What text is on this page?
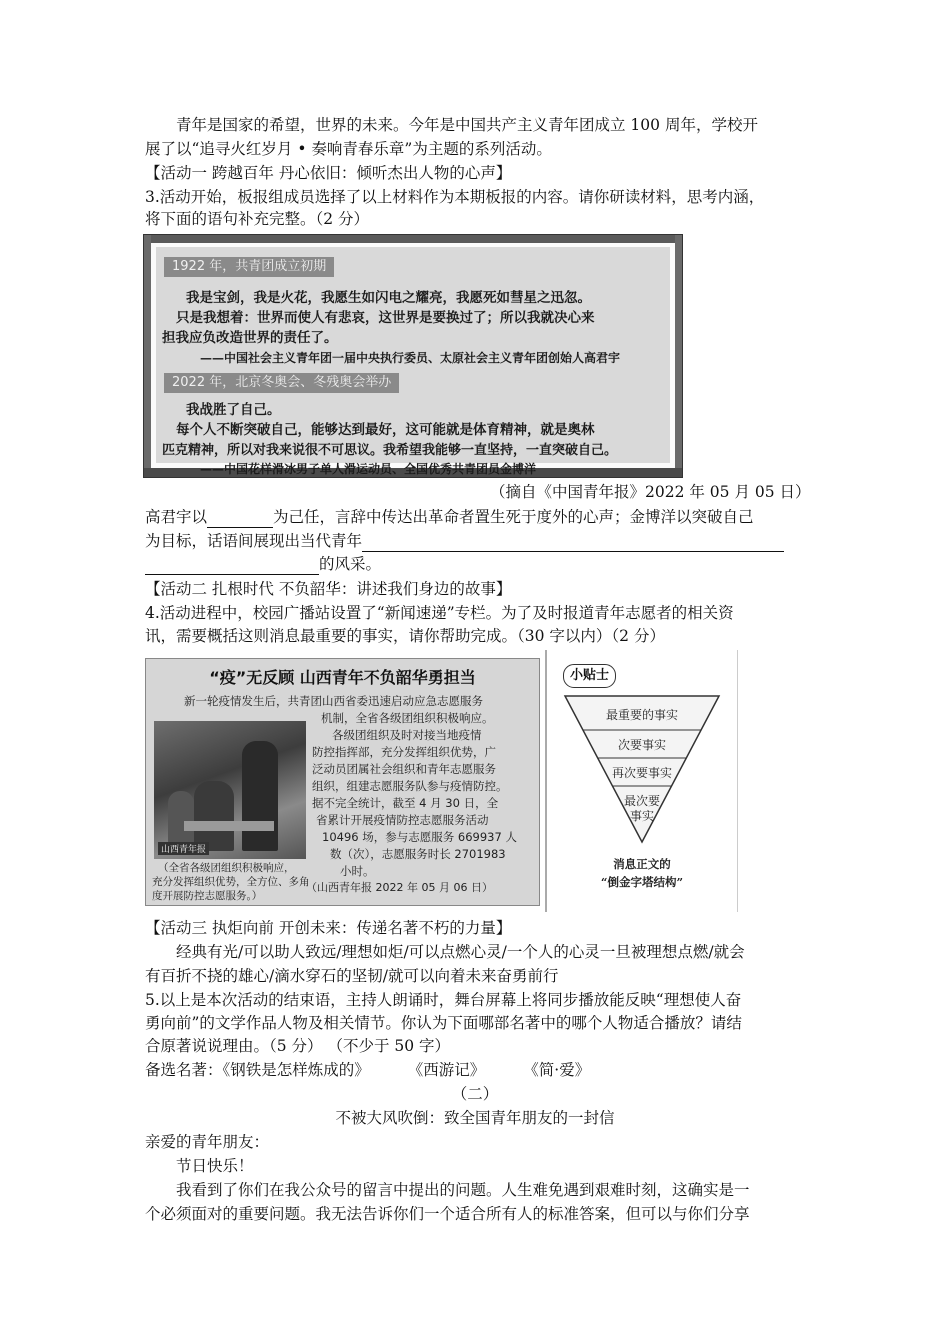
青年是国家的希望，世界的未来。今年是中国共产主义青年团成立 100 周年，学校开
展了以“追寻火红岁月 • 奏响青春乐章”为主题的系列活动。
【活动一 跨越百年 丹心依旧：倾听杰出人物的心声】
3.活动开始，板报组成员选择了以上材料作为本期板报的内容。请你研读材料，思考内涵，
将下面的语句补充完整。（2 分）
1922 年，共青团成立初期
我是宝剑，我是火花，我愿生如闪电之耀亮，我愿死如彗星之迅忽。
只是我想着：世界而使人有悲哀，这世界是要换过了；所以我就决心来
担我应负改造世界的责任了。
——中国社会主义青年团一届中央执行委员、太原社会主义青年团创始人高君宇
2022 年，北京冬奥会、冬残奥会举办
我战胜了自己。
每个人不断突破自己，能够达到最好，这可能就是体育精神，就是奥林
匹克精神，所以对我来说很不可思议。我希望我能够一直坚持，一直突破自己。
——中国花样滑冰男子单人滑运动员、全国优秀共青团员金博洋
（摘自《中国青年报》2022 年 05 月 05 日）
高君宇以	为己任，言辞中传达出革命者置生死于度外的心声；金博洋以突破自己
为目标，话语间展现出当代青年
的风采。
【活动二 扎根时代 不负韶华：讲述我们身边的故事】
4.活动进程中，校园广播站设置了“新闻速递”专栏。为了及时报道青年志愿者的相关资
讯，需要概括这则消息最重要的事实，请你帮助完成。（30 字以内）（2 分）
“疫”无反顾 山西青年不负韶华勇担当
新一轮疫情发生后，共青团山西省委迅速启动应急志愿服务
机制，全省各级团组织积极响应。
各级团组织及时对接当地疫情
防控指挥部，充分发挥组织优势，广
泛动员团属社会组织和青年志愿服务
组织，组建志愿服务队参与疫情防控。
据不完全统计，截至 4 月 30 日，全
省累计开展疫情防控志愿服务活动
10496 场，参与志愿服务 669937 人
数（次），志愿服务时长 2701983
小时。
（山西青年报 2022 年 05 月 06 日）
山西青年报
（全省各级团组织积极响应，
充分发挥组织优势，全方位、多角
度开展防控志愿服务。）
小贴士
最重要的事实
次要事实
再次要事实
最次要
事实
消息正文的
“倒金字塔结构”
【活动三 执炬向前 开创未来：传递名著不朽的力量】
经典有光/可以助人致远/理想如炬/可以点燃心灵/一个人的心灵一旦被理想点燃/就会
有百折不挠的雄心/滴水穿石的坚韧/就可以向着未来奋勇前行
5.以上是本次活动的结束语，主持人朗诵时，舞台屏幕上将同步播放能反映“理想使人奋
勇向前”的文学作品人物及相关情节。你认为下面哪部名著中的哪个人物适合播放？请结
合原著说说理由。（5 分） （不少于 50 字）
备选名著：《钢铁是怎样炼成的》 《西游记》 《简·爱》
（二）
不被大风吹倒：致全国青年朋友的一封信
亲爱的青年朋友：
节日快乐！
我看到了你们在我公众号的留言中提出的问题。人生难免遇到艰难时刻，这确实是一
个必须面对的重要问题。我无法告诉你们一个适合所有人的标准答案，但可以与你们分享
